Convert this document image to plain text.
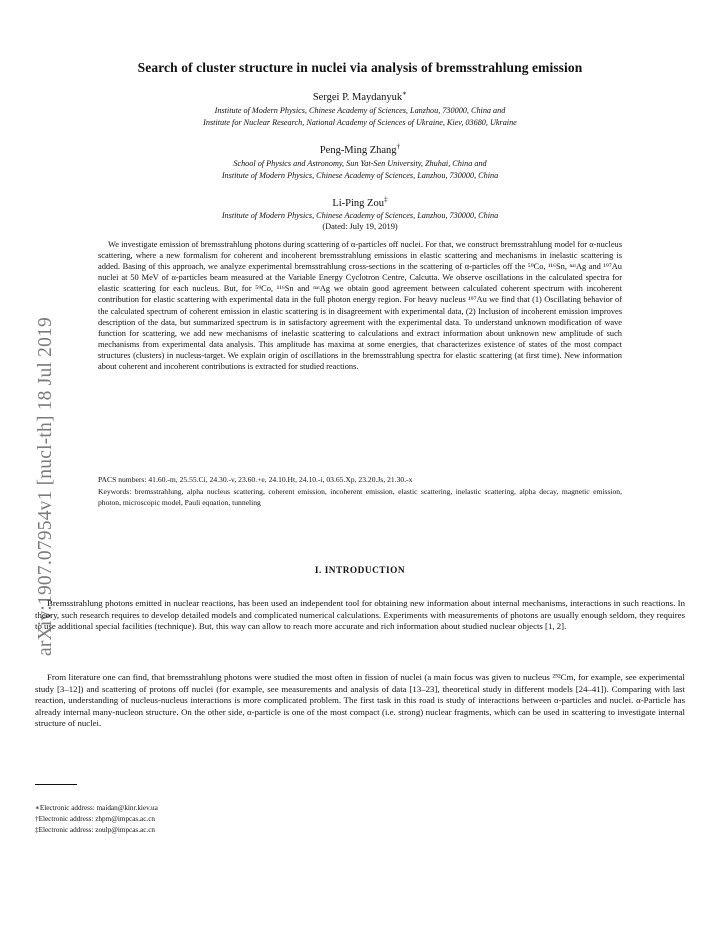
arXiv:1907.07954v1 [nucl-th] 18 Jul 2019
Search of cluster structure in nuclei via analysis of bremsstrahlung emission
Sergei P. Maydanyuk∗
Institute of Modern Physics, Chinese Academy of Sciences, Lanzhou, 730000, China and
Institute for Nuclear Research, National Academy of Sciences of Ukraine, Kiev, 03680, Ukraine
Peng-Ming Zhang†
School of Physics and Astronomy, Sun Yat-Sen University, Zhuhai, China and
Institute of Modern Physics, Chinese Academy of Sciences, Lanzhou, 730000, China
Li-Ping Zou‡
Institute of Modern Physics, Chinese Academy of Sciences, Lanzhou, 730000, China
(Dated: July 19, 2019)

We investigate emission of bremsstrahlung photons during scattering of α-particles off nuclei. For that, we construct bremsstrahlung model for α-nucleus scattering, where a new formalism for coherent and incoherent bremsstrahlung emissions in elastic scattering and mechanisms in inelastic scattering is added. Basing of this approach, we analyze experimental bremsstrahlung cross-sections in the scattering of α-particles off the ⁵⁹Co, ¹¹⁶Sn, ⁿᵃᵗAg and ¹⁹⁷Au nuclei at 50 MeV of α-particles beam measured at the Variable Energy Cyclotron Centre, Calcutta. We observe oscillations in the calculated spectra for elastic scattering for each nucleus. But, for ⁵⁹Co, ¹¹⁶Sn and ⁿᵃᵗAg we obtain good agreement between calculated coherent spectrum with incoherent contribution for elastic scattering with experimental data in the full photon energy region. For heavy nucleus ¹⁹⁷Au we find that (1) Oscillating behavior of the calculated spectrum of coherent emission in elastic scattering is in disagreement with experimental data, (2) Inclusion of incoherent emission improves description of the data, but summarized spectrum is in satisfactory agreement with the experimental data. To understand unknown modification of wave function for scattering, we add new mechanisms of inelastic scattering to calculations and extract information about unknown new amplitude of such mechanisms from experimental data analysis. This amplitude has maxima at some energies, that characterizes existence of states of the most compact structures (clusters) in nucleus-target. We explain origin of oscillations in the bremsstrahlung spectra for elastic scattering (at first time). New information about coherent and incoherent contributions is extracted for studied reactions.

PACS numbers: 41.60.-m, 25.55.Ci, 24.30.-v, 23.60.+e, 24.10.Ht, 24.10.-i, 03.65.Xp, 23.20.Js, 21.30.-x

Keywords: bremsstrahlung, alpha nucleus scattering, coherent emission, incoherent emission, elastic scattering, inelastic scattering, alpha decay, magnetic emission, photon, microscopic model, Pauli equation, tunneling

I. INTRODUCTION

Bremsstrahlung photons emitted in nuclear reactions, has been used an independent tool for obtaining new information about internal mechanisms, interactions in such reactions. In theory, such research requires to develop detailed models and complicated numerical calculations. Experiments with measurements of photons are usually enough seldom, they requires to use additional special facilities (technique). But, this way can allow to reach more accurate and rich information about studied nuclear objects [1, 2].

From literature one can find, that bremsstrahlung photons were studied the most often in fission of nuclei (a main focus was given to nucleus ²⁵²Cm, for example, see experimental study [3–12]) and scattering of protons off nuclei (for example, see measurements and analysis of data [13–23], theoretical study in different models [24–41]). Comparing with last reaction, understanding of nucleus-nucleus interactions is more complicated problem. The first task in this road is study of interactions between α-particles and nuclei. α-Particle has already internal many-nucleon structure. On the other side, α-particle is one of the most compact (i.e. strong) nuclear fragments, which can be used in scattering to investigate internal structure of nuclei.

∗Electronic address: maidan@kinr.kiev.ua
†Electronic address: zhpm@impcas.ac.cn
‡Electronic address: zoulp@impcas.ac.cn
